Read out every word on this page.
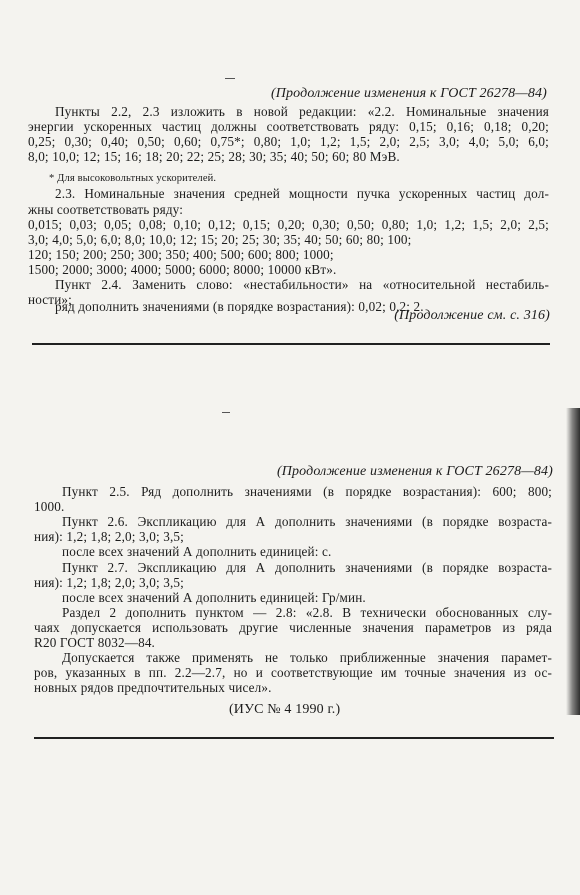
(Продолжение изменения к ГОСТ 26278—84)
Пункты 2.2, 2.3 изложить в новой редакции: «2.2. Номинальные значения
энергии ускоренных частиц должны соответствовать ряду: 0,15; 0,16; 0,18; 0,20;
0,25; 0,30; 0,40; 0,50; 0,60; 0,75*; 0,80; 1,0; 1,2; 1,5; 2,0; 2,5; 3,0; 4,0; 5,0; 6,0;
8,0; 10,0; 12; 15; 16; 18; 20; 22; 25; 28; 30; 35; 40; 50; 60; 80 МэВ.
* Для высоковольтных ускорителей.
2.3. Номинальные значения средней мощности пучка ускоренных частиц дол-
жны соответствовать ряду:
0,015; 0,03; 0,05; 0,08; 0,10; 0,12; 0,15; 0,20; 0,30; 0,50; 0,80; 1,0; 1,2; 1,5; 2,0; 2,5;
3,0; 4,0; 5,0; 6,0; 8,0; 10,0; 12; 15; 20; 25; 30; 35; 40; 50; 60; 80; 100;
120; 150; 200; 250; 300; 350; 400; 500; 600; 800; 1000;
1500; 2000; 3000; 4000; 5000; 6000; 8000; 10000 кВт».
Пункт 2.4. Заменить слово: «нестабильности» на «относительной нестабиль-
ности»;
ряд дополнить значениями (в порядке возрастания): 0,02; 0,2; 2.
(Продолжение см. с. 316)
(Продолжение изменения к ГОСТ 26278—84)
Пункт 2.5. Ряд дополнить значениями (в порядке возрастания): 600; 800;
1000.
Пункт 2.6. Экспликацию для А дополнить значениями (в порядке возраста-
ния): 1,2; 1,8; 2,0; 3,0; 3,5;
после всех значений А дополнить единицей: с.
Пункт 2.7. Экспликацию для А дополнить значениями (в порядке возраста-
ния): 1,2; 1,8; 2,0; 3,0; 3,5;
после всех значений А дополнить единицей: Гр/мин.
Раздел 2 дополнить пунктом — 2.8: «2.8. В технически обоснованных слу-
чаях допускается использовать другие численные значения параметров из ряда
R20 ГОСТ 8032—84.
Допускается также применять не только приближенные значения парамет-
ров, указанных в пп. 2.2—2.7, но и соответствующие им точные значения из ос-
новных рядов предпочтительных чисел».
(ИУС № 4 1990 г.)
